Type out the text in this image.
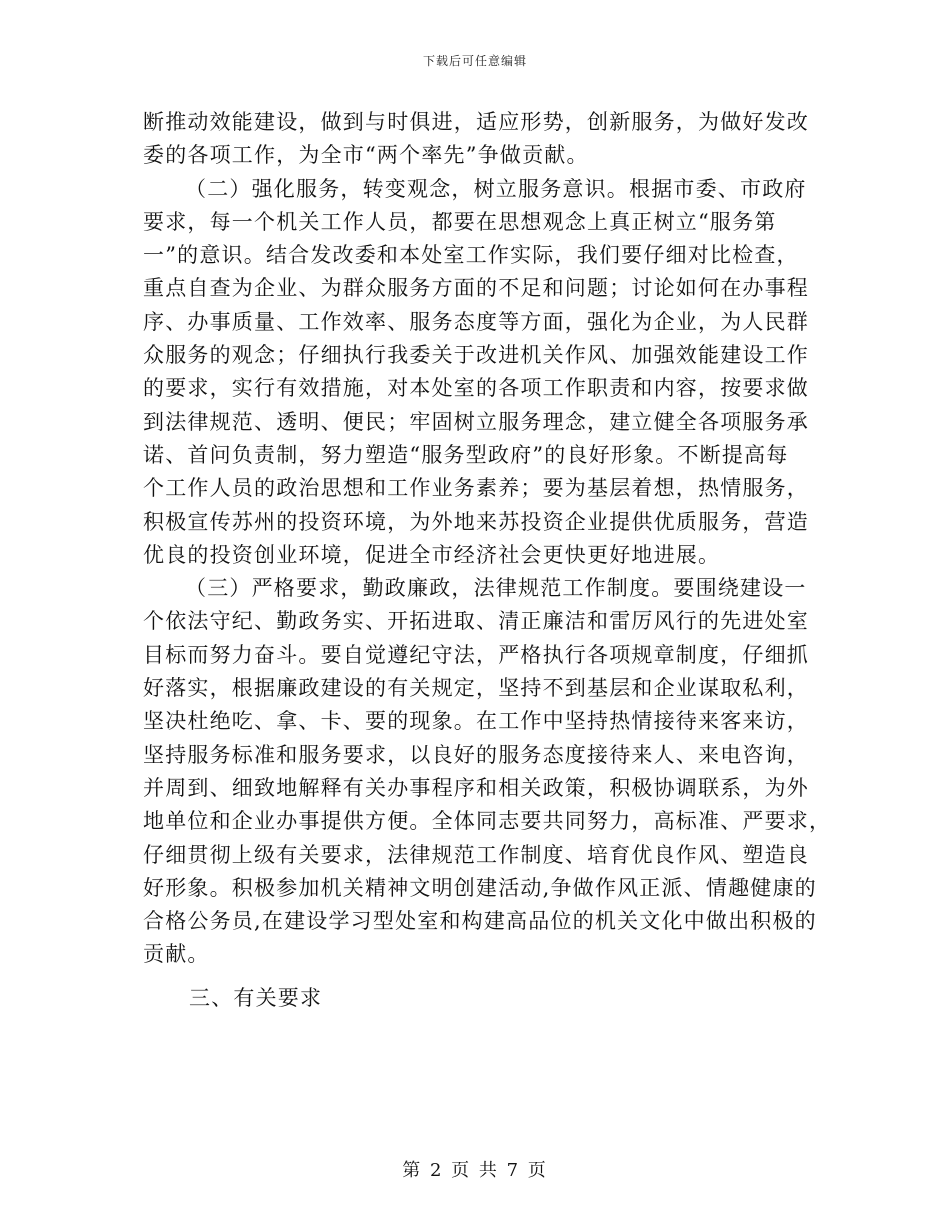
下载后可任意编辑
断推动效能建设，做到与时俱进，适应形势，创新服务，为做好发改
委的各项工作，为全市“两个率先”争做贡献。
（二）强化服务，转变观念，树立服务意识。根据市委、市政府
要求，每一个机关工作人员，都要在思想观念上真正树立“服务第
一”的意识。结合发改委和本处室工作实际，我们要仔细对比检查，
重点自查为企业、为群众服务方面的不足和问题；讨论如何在办事程
序、办事质量、工作效率、服务态度等方面，强化为企业，为人民群
众服务的观念；仔细执行我委关于改进机关作风、加强效能建设工作
的要求，实行有效措施，对本处室的各项工作职责和内容，按要求做
到法律规范、透明、便民；牢固树立服务理念，建立健全各项服务承
诺、首问负责制，努力塑造“服务型政府”的良好形象。不断提高每
个工作人员的政治思想和工作业务素养；要为基层着想，热情服务，
积极宣传苏州的投资环境，为外地来苏投资企业提供优质服务，营造
优良的投资创业环境，促进全市经济社会更快更好地进展。
（三）严格要求，勤政廉政，法律规范工作制度。要围绕建设一
个依法守纪、勤政务实、开拓进取、清正廉洁和雷厉风行的先进处室
目标而努力奋斗。要自觉遵纪守法，严格执行各项规章制度，仔细抓
好落实，根据廉政建设的有关规定，坚持不到基层和企业谋取私利，
坚决杜绝吃、拿、卡、要的现象。在工作中坚持热情接待来客来访，
坚持服务标准和服务要求，以良好的服务态度接待来人、来电咨询，
并周到、细致地解释有关办事程序和相关政策，积极协调联系，为外
地单位和企业办事提供方便。全体同志要共同努力，高标准、严要求，
仔细贯彻上级有关要求，法律规范工作制度、培育优良作风、塑造良
好形象。积极参加机关精神文明创建活动,争做作风正派、情趣健康的
合格公务员,在建设学习型处室和构建高品位的机关文化中做出积极的
贡献。
三、有关要求
第 2 页 共 7 页
